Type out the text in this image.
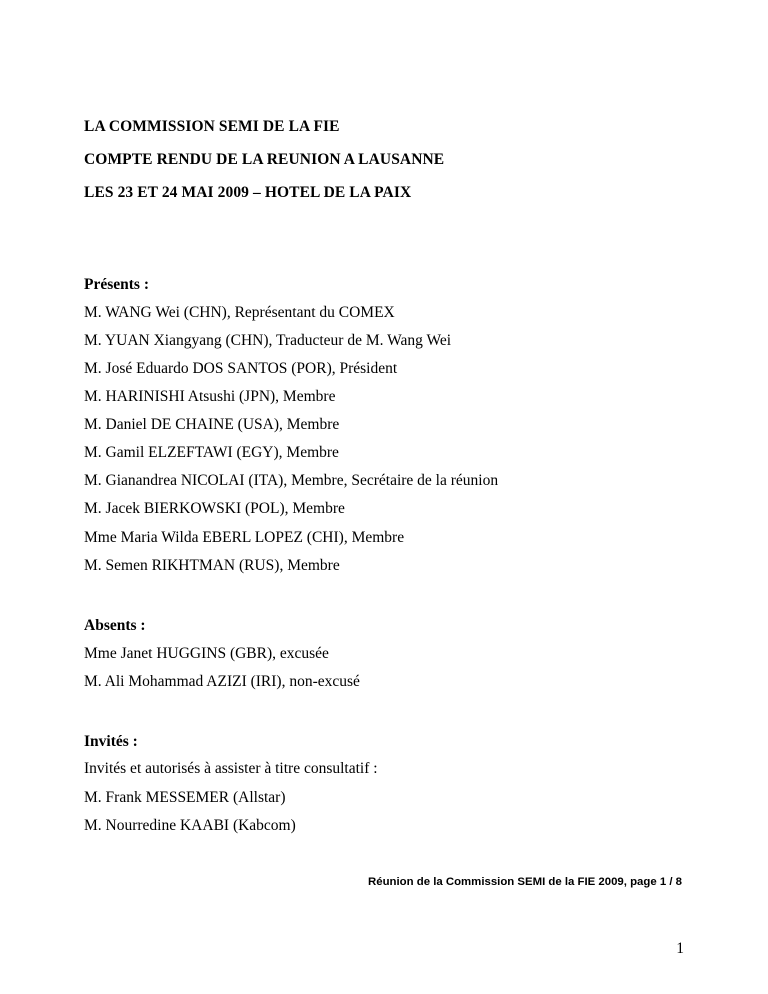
LA COMMISSION SEMI DE LA FIE
COMPTE RENDU DE LA REUNION A LAUSANNE
LES 23 ET 24 MAI 2009 – HOTEL DE LA PAIX
Présents :
M. WANG Wei (CHN), Représentant du COMEX
M. YUAN Xiangyang (CHN), Traducteur de M. Wang Wei
M. José Eduardo DOS SANTOS (POR), Président
M. HARINISHI Atsushi (JPN), Membre
M. Daniel DE CHAINE (USA), Membre
M. Gamil ELZEFTAWI (EGY), Membre
M. Gianandrea NICOLAI (ITA), Membre, Secrétaire de la réunion
M. Jacek BIERKOWSKI (POL), Membre
Mme Maria Wilda EBERL LOPEZ (CHI), Membre
M. Semen RIKHTMAN (RUS), Membre
Absents :
Mme Janet HUGGINS (GBR), excusée
M. Ali Mohammad AZIZI (IRI), non-excusé
Invités :
Invités et autorisés à assister à titre consultatif :
M. Frank MESSEMER (Allstar)
M. Nourredine KAABI (Kabcom)
Réunion de la Commission SEMI de la FIE 2009, page 1 / 8
1
